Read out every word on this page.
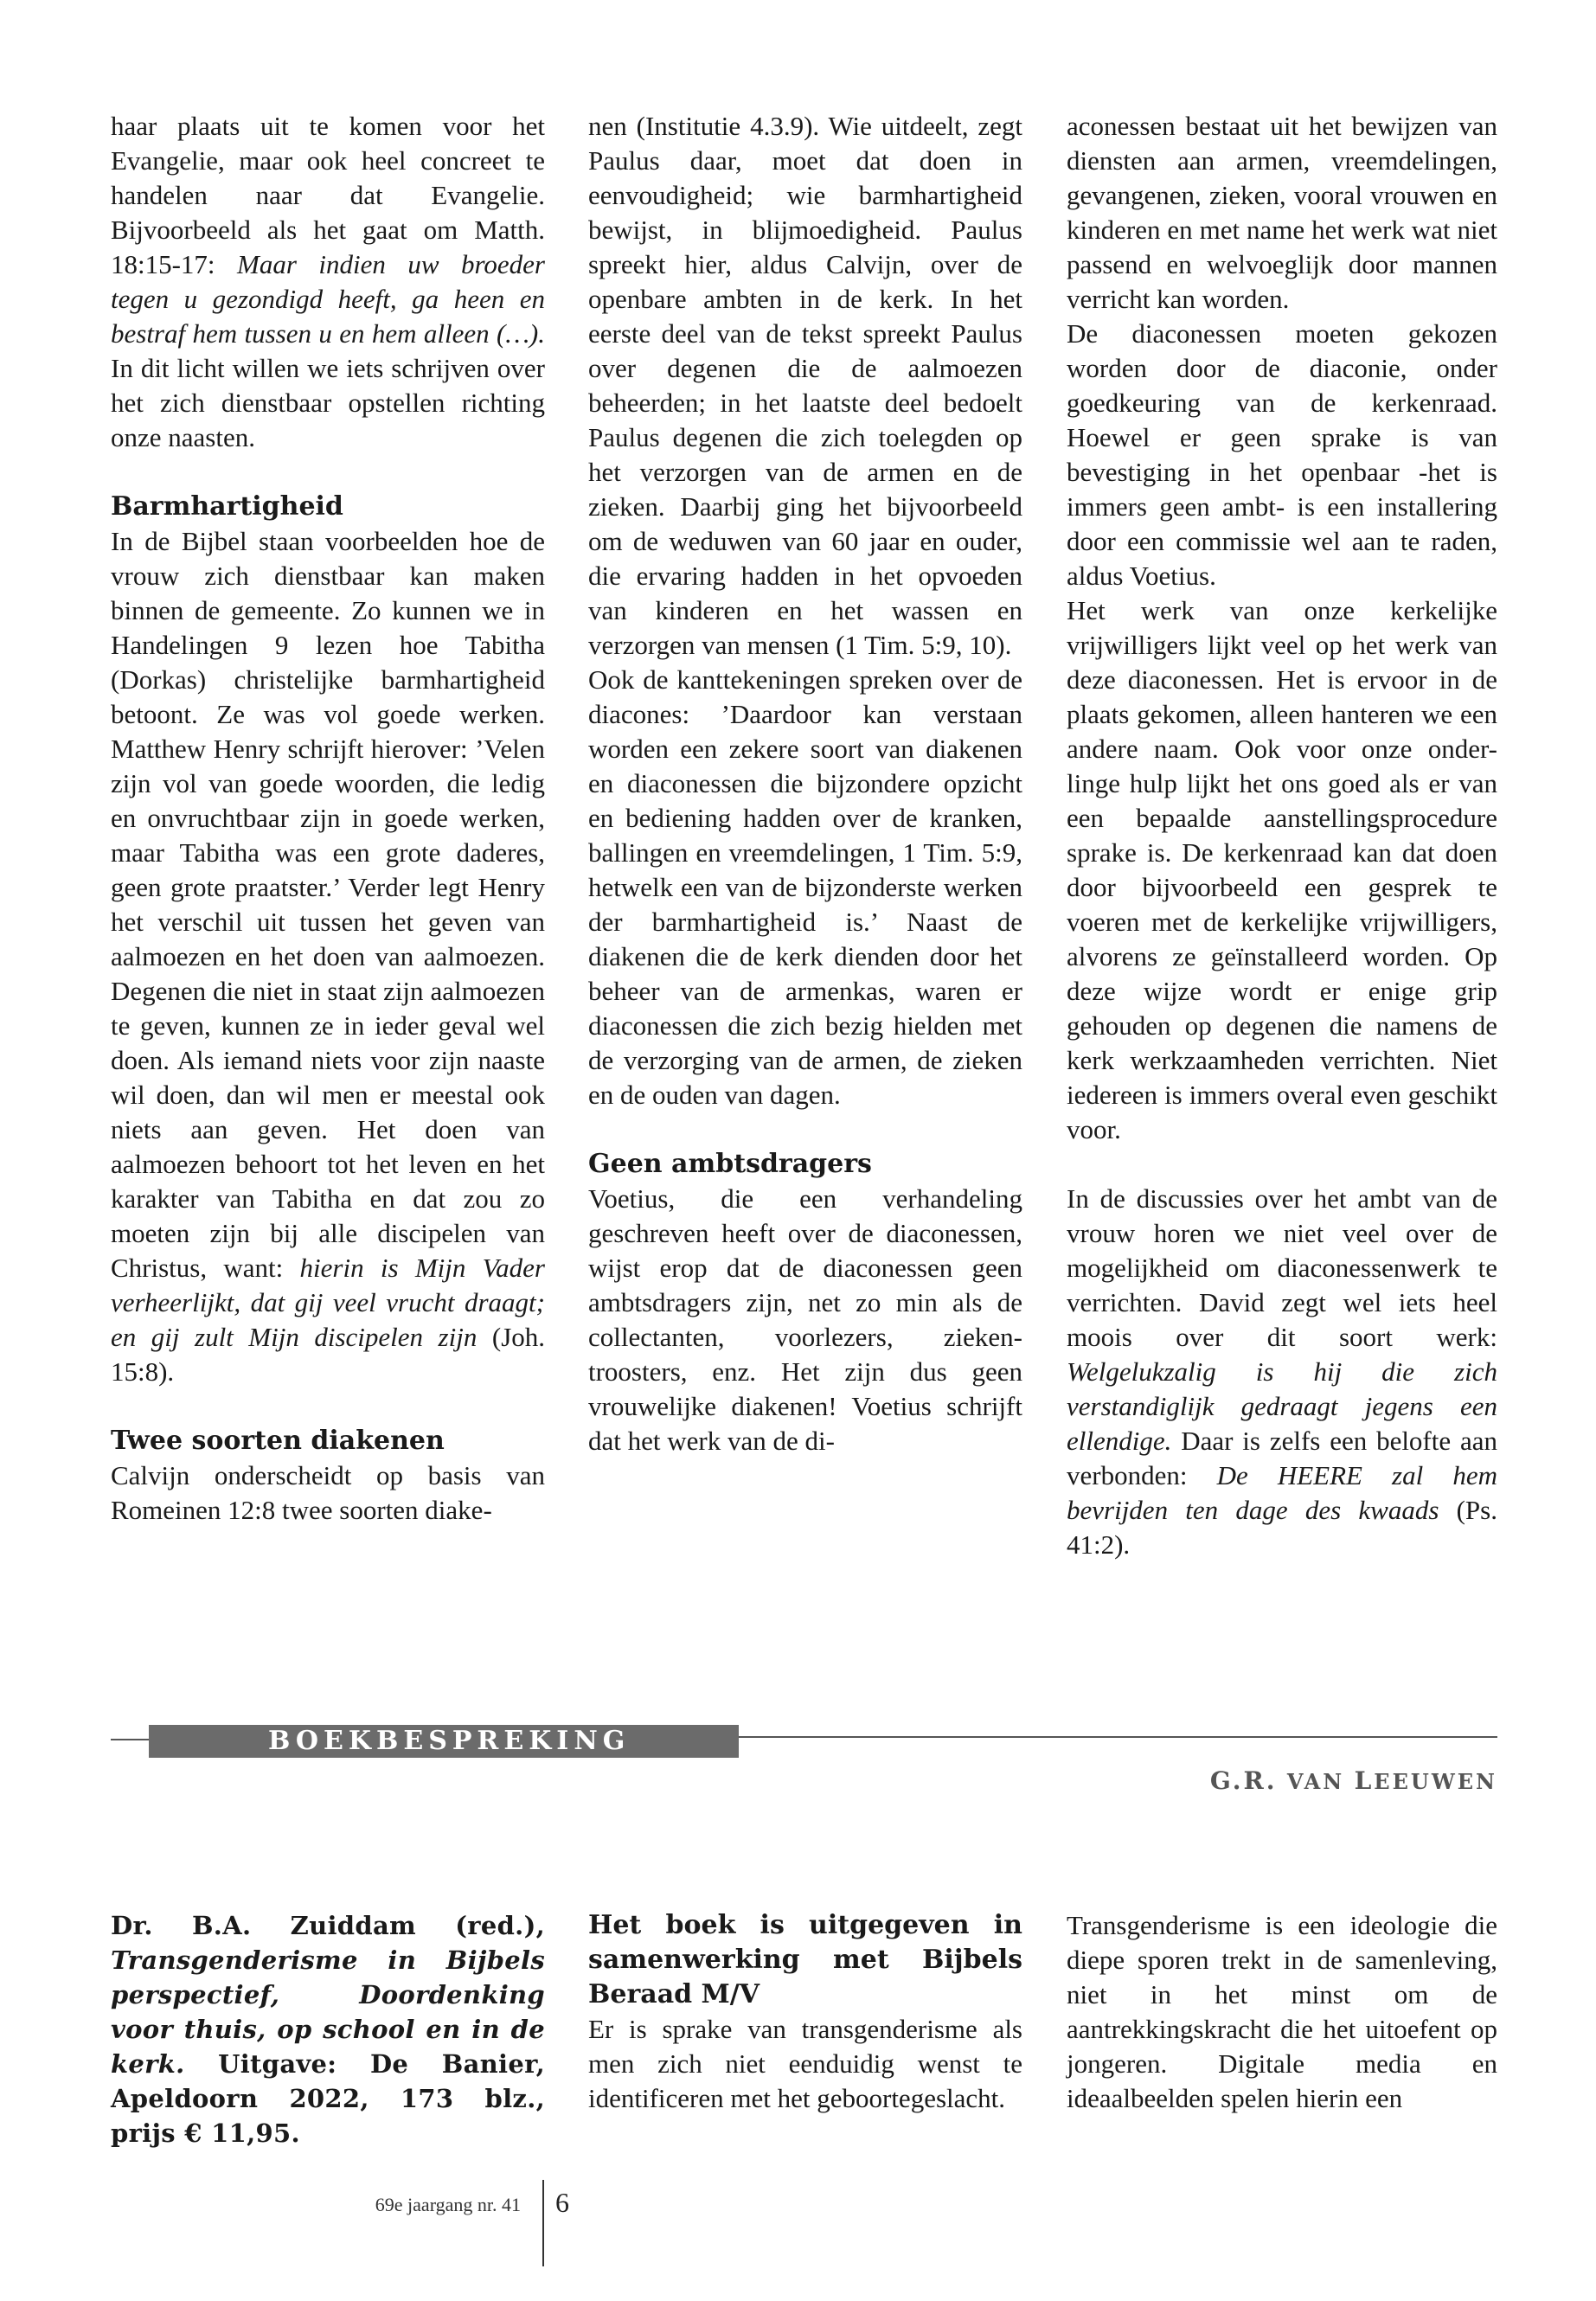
haar plaats uit te komen voor het Evangelie, maar ook heel concreet te handelen naar dat Evangelie. Bijvoorbeeld als het gaat om Matth. 18:15-17: Maar indien uw broeder tegen u gezondigd heeft, ga heen en bestraf hem tussen u en hem alleen (…). In dit licht willen we iets schrijven over het zich dienstbaar opstellen richting onze naasten.

Barmhartigheid

In de Bijbel staan voorbeelden hoe de vrouw zich dienstbaar kan maken binnen de gemeente. Zo kunnen we in Handelingen 9 lezen hoe Tabitha (Dorkas) christelijke barmhartigheid betoont. Ze was vol goede werken. Matthew Henry schrijft hierover: ’Velen zijn vol van goede woorden, die ledig en onvruchtbaar zijn in goede werken, maar Tabitha was een grote daderes, geen grote praatster.’ Verder legt Henry het verschil uit tussen het geven van aalmoezen en het doen van aalmoezen. Degenen die niet in staat zijn aalmoezen te geven, kunnen ze in ieder geval wel doen. Als iemand niets voor zijn naaste wil doen, dan wil men er meestal ook niets aan geven. Het doen van aalmoezen behoort tot het leven en het karakter van Tabitha en dat zou zo moeten zijn bij alle discipelen van Christus, want: hierin is Mijn Vader verheerlijkt, dat gij veel vrucht draagt; en gij zult Mijn discipelen zijn (Joh. 15:8).

Twee soorten diakenen

Calvijn onderscheidt op basis van Romeinen 12:8 twee soorten diake-

nen (Institutie 4.3.9). Wie uitdeelt, zegt Paulus daar, moet dat doen in eenvoudigheid; wie barmhartigheid bewijst, in blijmoedigheid. Paulus spreekt hier, aldus Calvijn, over de openbare ambten in de kerk. In het eerste deel van de tekst spreekt Paulus over degenen die de aalmoezen beheerden; in het laatste deel bedoelt Paulus degenen die zich toelegden op het verzorgen van de armen en de zieken. Daarbij ging het bijvoorbeeld om de weduwen van 60 jaar en ouder, die ervaring hadden in het opvoeden van kinderen en het wassen en verzorgen van mensen (1 Tim. 5:9, 10).

Ook de kanttekeningen spreken over de diacones: ’Daardoor kan verstaan worden een zekere soort van diakenen en diaconessen die bijzondere opzicht en bediening hadden over de kranken, ballingen en vreemdelingen, 1 Tim. 5:9, hetwelk een van de bijzonderste werken der barmhartigheid is.’ Naast de diakenen die de kerk dienden door het beheer van de armenkas, waren er diaconessen die zich bezig hielden met de verzorging van de armen, de zieken en de ouden van dagen.

Geen ambtsdragers

Voetius, die een verhandeling geschreven heeft over de diaconessen, wijst erop dat de diaconessen geen ambtsdragers zijn, net zo min als de collectanten, voorlezers, zieken-troosters, enz. Het zijn dus geen vrouwelijke diakenen! Voetius schrijft dat het werk van de di-

aconessen bestaat uit het bewijzen van diensten aan armen, vreemdelingen, gevangenen, zieken, vooral vrouwen en kinderen en met name het werk wat niet passend en welvoeglijk door mannen verricht kan worden.

De diaconessen moeten gekozen worden door de diaconie, onder goedkeuring van de kerkenraad. Hoewel er geen sprake is van bevestiging in het openbaar -het is immers geen ambt- is een installering door een commissie wel aan te raden, aldus Voetius.

Het werk van onze kerkelijke vrijwilligers lijkt veel op het werk van deze diaconessen. Het is ervoor in de plaats gekomen, alleen hanteren we een andere naam. Ook voor onze onder-linge hulp lijkt het ons goed als er van een bepaalde aanstellingsprocedure sprake is. De kerkenraad kan dat doen door bijvoorbeeld een gesprek te voeren met de kerkelijke vrijwilligers, alvorens ze geïnstalleerd worden. Op deze wijze wordt er enige grip gehouden op degenen die namens de kerk werkzaamheden verrichten. Niet iedereen is immers overal even geschikt voor.

In de discussies over het ambt van de vrouw horen we niet veel over de mogelijkheid om diaconessenwerk te verrichten. David zegt wel iets heel moois over dit soort werk: Welgelukzalig is hij die zich verstandiglijk gedraagt jegens een ellendige. Daar is zelfs een belofte aan verbonden: De HEERE zal hem bevrijden ten dage des kwaads (Ps. 41:2).

BOEKBESPREKING
G.R. VAN LEEUWEN

Dr. B.A. Zuiddam (red.), Transgenderisme in Bijbels perspectief, Doordenking voor thuis, op school en in de kerk. Uitgave: De Banier, Apeldoorn 2022, 173 blz., prijs € 11,95.

Het boek is uitgegeven in samenwerking met Bijbels Beraad M/V

Er is sprake van transgenderisme als men zich niet eenduidig wenst te identificeren met het geboortegeslacht.

Transgenderisme is een ideologie die diepe sporen trekt in de samenleving, niet in het minst om de aantrekkingskracht die het uitoefent op jongeren. Digitale media en ideaalbeelden spelen hierin een

69e jaargang nr. 41 6
